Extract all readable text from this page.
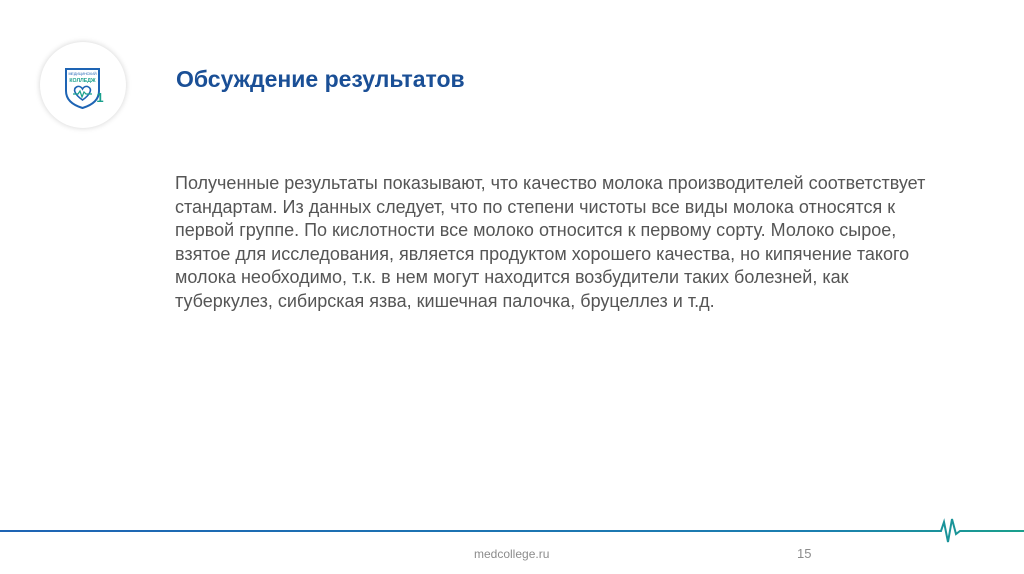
МЕДИЦИНСКИЙ
КОЛЛЕДЖ
1
Обсуждение результатов

Полученные результаты показывают, что качество молока производителей соответствует
стандартам. Из данных следует, что по степени чистоты все виды молока относятся к
первой группе. По кислотности все молоко относится к первому сорту. Молоко сырое,
взятое для исследования, является продуктом хорошего качества, но кипячение такого
молока необходимо, т.к. в нем могут находится возбудители таких болезней, как
туберкулез, сибирская язва, кишечная палочка, бруцеллез и т.д.

medcollege.ru	15
